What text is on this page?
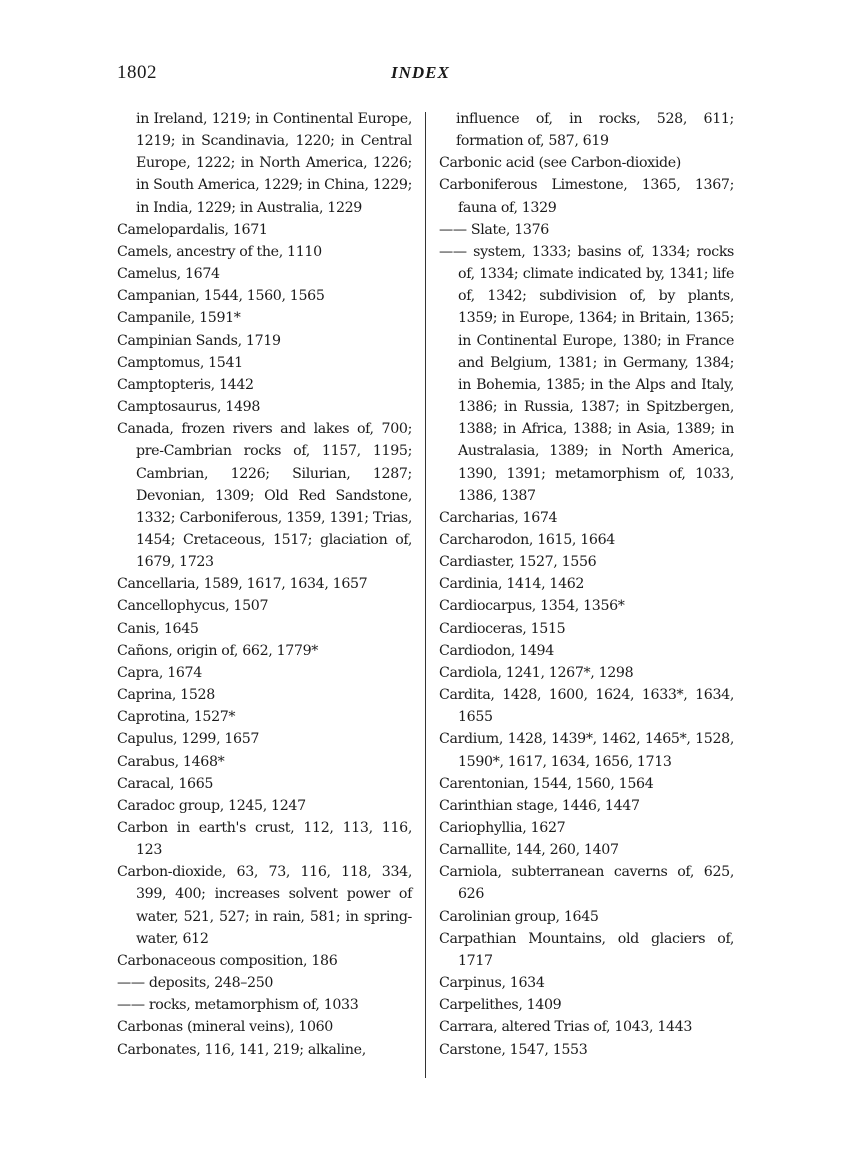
1802	INDEX
in Ireland, 1219; in Continental Europe, 1219; in Scandinavia, 1220; in Central Europe, 1222; in North America, 1226; in South America, 1229; in China, 1229; in India, 1229; in Australia, 1229
Camelopardalis, 1671
Camels, ancestry of the, 1110
Camelus, 1674
Campanian, 1544, 1560, 1565
Campanile, 1591*
Campinian Sands, 1719
Camptomus, 1541
Camptopteris, 1442
Camptosaurus, 1498
Canada, frozen rivers and lakes of, 700; pre-Cambrian rocks of, 1157, 1195; Cambrian, 1226; Silurian, 1287; Devonian, 1309; Old Red Sandstone, 1332; Carboniferous, 1359, 1391; Trias, 1454; Cretaceous, 1517; glaciation of, 1679, 1723
Cancellaria, 1589, 1617, 1634, 1657
Cancellophycus, 1507
Canis, 1645
Cañons, origin of, 662, 1779*
Capra, 1674
Caprina, 1528
Caprotina, 1527*
Capulus, 1299, 1657
Carabus, 1468*
Caracal, 1665
Caradoc group, 1245, 1247
Carbon in earth's crust, 112, 113, 116, 123
Carbon-dioxide, 63, 73, 116, 118, 334, 399, 400; increases solvent power of water, 521, 527; in rain, 581; in spring-water, 612
Carbonaceous composition, 186
—— deposits, 248–250
—— rocks, metamorphism of, 1033
Carbonas (mineral veins), 1060
Carbonates, 116, 141, 219; alkaline,
influence of, in rocks, 528, 611; formation of, 587, 619
Carbonic acid (see Carbon-dioxide)
Carboniferous Limestone, 1365, 1367; fauna of, 1329
—— Slate, 1376
—— system, 1333; basins of, 1334; rocks of, 1334; climate indicated by, 1341; life of, 1342; subdivision of, by plants, 1359; in Europe, 1364; in Britain, 1365; in Continental Europe, 1380; in France and Belgium, 1381; in Germany, 1384; in Bohemia, 1385; in the Alps and Italy, 1386; in Russia, 1387; in Spitzbergen, 1388; in Africa, 1388; in Asia, 1389; in Australasia, 1389; in North America, 1390, 1391; metamorphism of, 1033, 1386, 1387
Carcharias, 1674
Carcharodon, 1615, 1664
Cardiaster, 1527, 1556
Cardinia, 1414, 1462
Cardiocarpus, 1354, 1356*
Cardioceras, 1515
Cardiodon, 1494
Cardiola, 1241, 1267*, 1298
Cardita, 1428, 1600, 1624, 1633*, 1634, 1655
Cardium, 1428, 1439*, 1462, 1465*, 1528, 1590*, 1617, 1634, 1656, 1713
Carentonian, 1544, 1560, 1564
Carinthian stage, 1446, 1447
Cariophyllia, 1627
Carnallite, 144, 260, 1407
Carniola, subterranean caverns of, 625, 626
Carolinian group, 1645
Carpathian Mountains, old glaciers of, 1717
Carpinus, 1634
Carpelithes, 1409
Carrara, altered Trias of, 1043, 1443
Carstone, 1547, 1553
